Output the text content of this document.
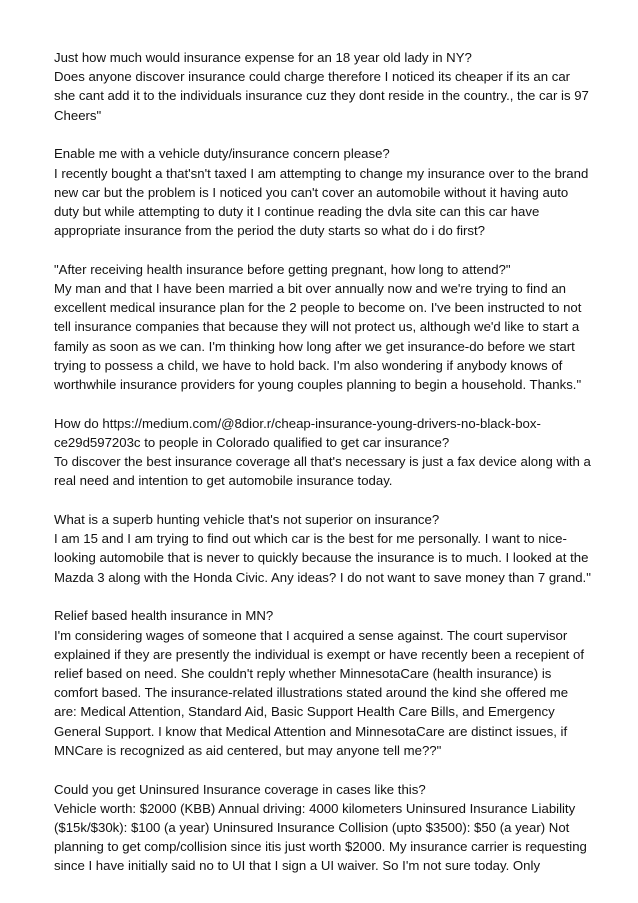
Just how much would insurance expense for an 18 year old lady in NY?

Does anyone discover insurance could charge therefore I noticed its cheaper if its an car she cant add it to the individuals insurance cuz they dont reside in the country., the car is 97 Cheers"

Enable me with a vehicle duty/insurance concern please?

I recently bought a that'sn't taxed I am attempting to change my insurance over to the brand new car but the problem is I noticed you can't cover an automobile without it having auto duty but while attempting to duty it I continue reading the dvla site can this car have appropriate insurance from the period the duty starts so what do i do first?

"After receiving health insurance before getting pregnant, how long to attend?"

My man and that I have been married a bit over annually now and we're trying to find an excellent medical insurance plan for the 2 people to become on. I've been instructed to not tell insurance companies that because they will not protect us, although we'd like to start a family as soon as we can. I'm thinking how long after we get insurance-do before we start trying to possess a child, we have to hold back. I'm also wondering if anybody knows of worthwhile insurance providers for young couples planning to begin a household. Thanks."

How do https://medium.com/@8dior.r/cheap-insurance-young-drivers-no-black-box-ce29d597203c to people in Colorado qualified to get car insurance?

To discover the best insurance coverage all that's necessary is just a fax device along with a real need and intention to get automobile insurance today.

What is a superb hunting vehicle that's not superior on insurance?

I am 15 and I am trying to find out which car is the best for me personally. I want to nice-looking automobile that is never to quickly because the insurance is to much. I looked at the Mazda 3 along with the Honda Civic. Any ideas? I do not want to save money than 7 grand."

Relief based health insurance in MN?

I'm considering wages of someone that I acquired a sense against. The court supervisor explained if they are presently the individual is exempt or have recently been a recepient of relief based on need. She couldn't reply whether MinnesotaCare (health insurance) is comfort based. The insurance-related illustrations stated around the kind she offered me are: Medical Attention, Standard Aid, Basic Support Health Care Bills, and Emergency General Support. I know that Medical Attention and MinnesotaCare are distinct issues, if MNCare is recognized as aid centered, but may anyone tell me??"

Could you get Uninsured Insurance coverage in cases like this?

Vehicle worth: $2000 (KBB) Annual driving: 4000 kilometers Uninsured Insurance Liability ($15k/$30k): $100 (a year) Uninsured Insurance Collision (upto $3500): $50 (a year) Not planning to get comp/collision since itis just worth $2000. My insurance carrier is requesting since I have initially said no to UI that I sign a UI waiver. So I'm not sure today. Only
